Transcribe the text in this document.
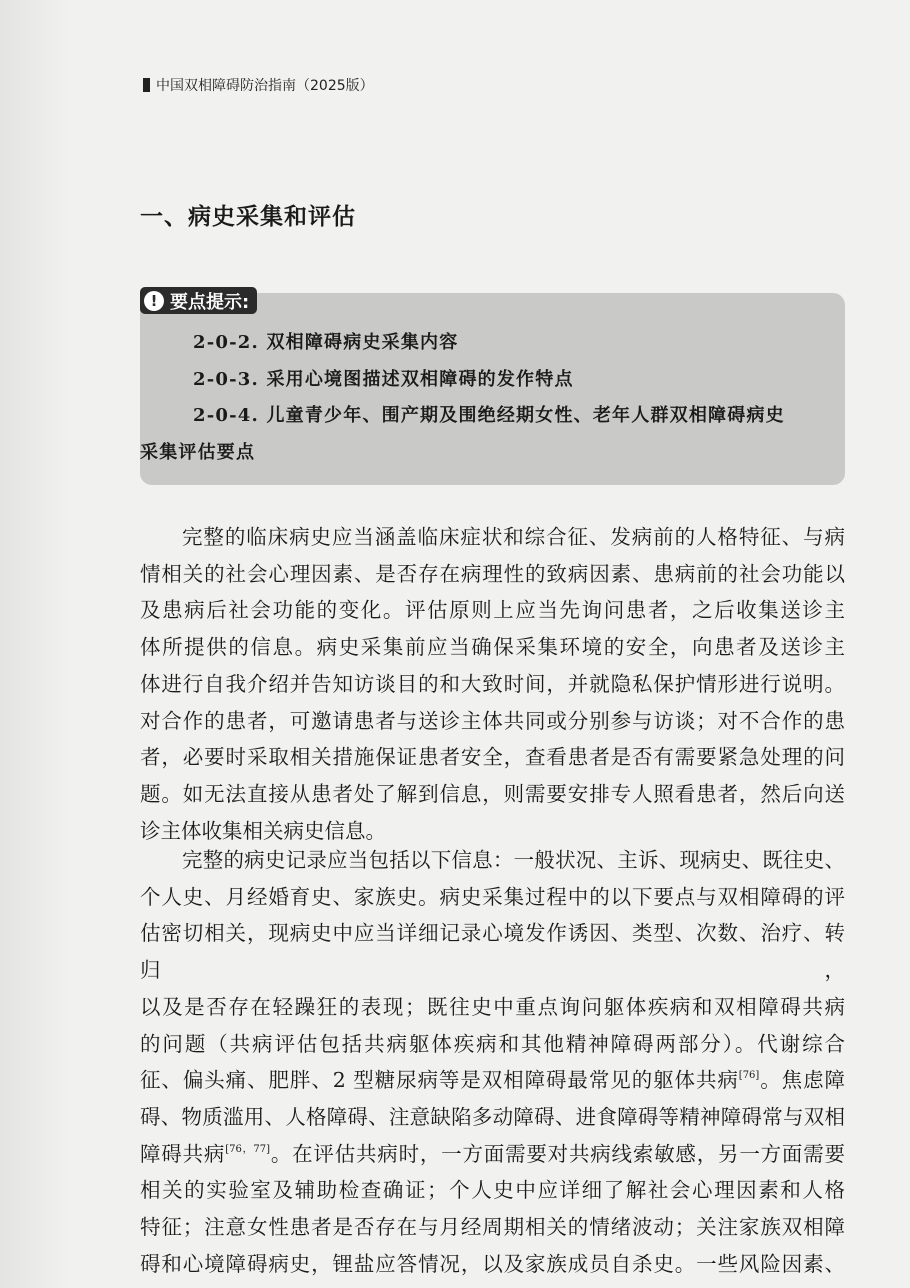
中国双相障碍防治指南（2025版）
一、病史采集和评估
! 要点提示:
2-0-2. 双相障碍病史采集内容
2-0-3. 采用心境图描述双相障碍的发作特点
2-0-4. 儿童青少年、围产期及围绝经期女性、老年人群双相障碍病史
采集评估要点
完整的临床病史应当涵盖临床症状和综合征、发病前的人格特征、与病
情相关的社会心理因素、是否存在病理性的致病因素、患病前的社会功能以
及患病后社会功能的变化。评估原则上应当先询问患者，之后收集送诊主
体所提供的信息。病史采集前应当确保采集环境的安全，向患者及送诊主
体进行自我介绍并告知访谈目的和大致时间，并就隐私保护情形进行说明。
对合作的患者，可邀请患者与送诊主体共同或分别参与访谈；对不合作的患
者，必要时采取相关措施保证患者安全，查看患者是否有需要紧急处理的问
题。如无法直接从患者处了解到信息，则需要安排专人照看患者，然后向送
诊主体收集相关病史信息。
完整的病史记录应当包括以下信息：一般状况、主诉、现病史、既往史、
个人史、月经婚育史、家族史。病史采集过程中的以下要点与双相障碍的评
估密切相关，现病史中应当详细记录心境发作诱因、类型、次数、治疗、转归，
以及是否存在轻躁狂的表现；既往史中重点询问躯体疾病和双相障碍共病
的问题（共病评估包括共病躯体疾病和其他精神障碍两部分）。代谢综合
征、偏头痛、肥胖、2 型糖尿病等是双相障碍最常见的躯体共病[76]。焦虑障
碍、物质滥用、人格障碍、注意缺陷多动障碍、进食障碍等精神障碍常与双相
障碍共病[76，77]。在评估共病时，一方面需要对共病线索敏感，另一方面需要
相关的实验室及辅助检查确证；个人史中应详细了解社会心理因素和人格
特征；注意女性患者是否存在与月经周期相关的情绪波动；关注家族双相障
碍和心境障碍病史，锂盐应答情况，以及家族成员自杀史。一些风险因素、
